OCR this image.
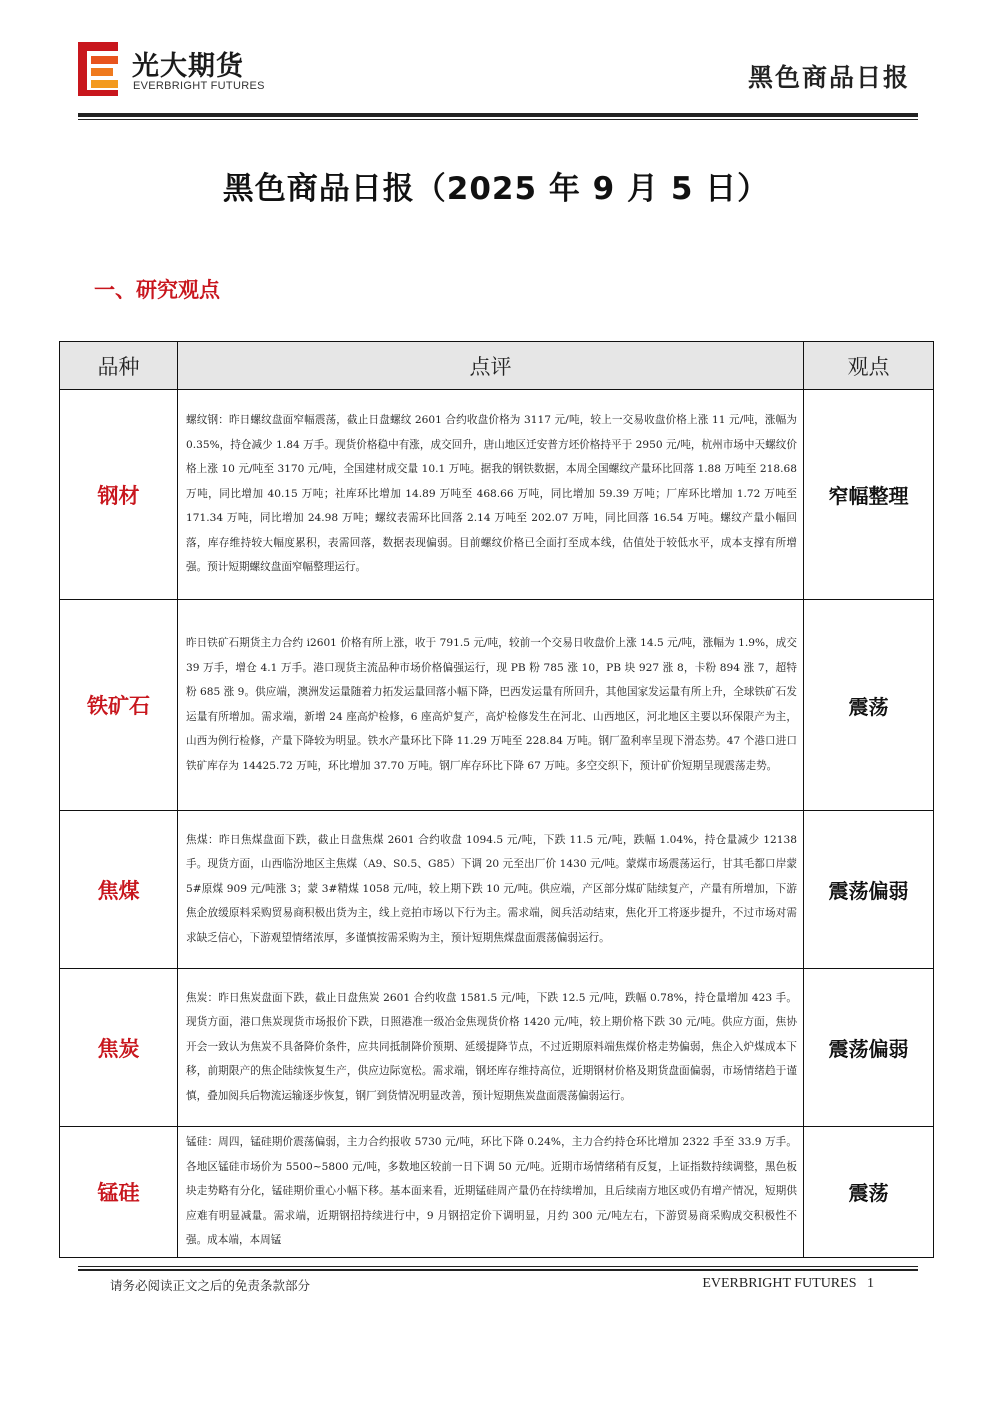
光大期货
EVERBRIGHT FUTURES	黑色商品日报
黑色商品日报（2025 年 9 月 5 日）
一、研究观点
品种	点评	观点
钢材	螺纹钢：昨日螺纹盘面窄幅震荡，截止日盘螺纹 2601 合约收盘价格为 3117 元/吨，较上一交易收盘价格上涨 11 元/吨，涨幅为 0.35%，持仓减少 1.84 万手。现货价格稳中有涨，成交回升，唐山地区迁安普方坯价格持平于 2950 元/吨，杭州市场中天螺纹价格上涨 10 元/吨至 3170 元/吨，全国建材成交量 10.1 万吨。据我的钢铁数据，本周全国螺纹产量环比回落 1.88 万吨至 218.68 万吨，同比增加 40.15 万吨；社库环比增加 14.89 万吨至 468.66 万吨，同比增加 59.39 万吨；厂库环比增加 1.72 万吨至 171.34 万吨，同比增加 24.98 万吨；螺纹表需环比回落 2.14 万吨至 202.07 万吨，同比回落 16.54 万吨。螺纹产量小幅回落，库存维持较大幅度累积，表需回落，数据表现偏弱。目前螺纹价格已全面打至成本线，估值处于较低水平，成本支撑有所增强。预计短期螺纹盘面窄幅整理运行。	窄幅整理
铁矿石	昨日铁矿石期货主力合约 i2601 价格有所上涨，收于 791.5 元/吨，较前一个交易日收盘价上涨 14.5 元/吨，涨幅为 1.9%，成交 39 万手，增仓 4.1 万手。港口现货主流品种市场价格偏强运行，现 PB 粉 785 涨 10，PB 块 927 涨 8，卡粉 894 涨 7，超特粉 685 涨 9。供应端，澳洲发运量随着力拓发运量回落小幅下降，巴西发运量有所回升，其他国家发运量有所上升，全球铁矿石发运量有所增加。需求端，新增 24 座高炉检修，6 座高炉复产，高炉检修发生在河北、山西地区，河北地区主要以环保限产为主，山西为例行检修，产量下降较为明显。铁水产量环比下降 11.29 万吨至 228.84 万吨。钢厂盈利率呈现下滑态势。47 个港口进口铁矿库存为 14425.72 万吨，环比增加 37.70 万吨。钢厂库存环比下降 67 万吨。多空交织下，预计矿价短期呈现震荡走势。	震荡
焦煤	焦煤：昨日焦煤盘面下跌，截止日盘焦煤 2601 合约收盘 1094.5 元/吨，下跌 11.5 元/吨，跌幅 1.04%，持仓量减少 12138 手。现货方面，山西临汾地区主焦煤（A9、S0.5、G85）下调 20 元至出厂价 1430 元/吨。蒙煤市场震荡运行，甘其毛都口岸蒙 5#原煤 909 元/吨涨 3；蒙 3#精煤 1058 元/吨，较上期下跌 10 元/吨。供应端，产区部分煤矿陆续复产，产量有所增加，下游焦企放缓原料采购贸易商积极出货为主，线上竞拍市场以下行为主。需求端，阅兵活动结束，焦化开工将逐步提升，不过市场对需求缺乏信心，下游观望情绪浓厚，多谨慎按需采购为主，预计短期焦煤盘面震荡偏弱运行。	震荡偏弱
焦炭	焦炭：昨日焦炭盘面下跌，截止日盘焦炭 2601 合约收盘 1581.5 元/吨，下跌 12.5 元/吨，跌幅 0.78%，持仓量增加 423 手。现货方面，港口焦炭现货市场报价下跌，日照港准一级冶金焦现货价格 1420 元/吨，较上期价格下跌 30 元/吨。供应方面，焦协开会一致认为焦炭不具备降价条件，应共同抵制降价预期、延缓提降节点，不过近期原料端焦煤价格走势偏弱，焦企入炉煤成本下移，前期限产的焦企陆续恢复生产，供应边际宽松。需求端，钢坯库存维持高位，近期钢材价格及期货盘面偏弱，市场情绪趋于谨慎，叠加阅兵后物流运输逐步恢复，钢厂到货情况明显改善，预计短期焦炭盘面震荡偏弱运行。	震荡偏弱
锰硅	锰硅：周四，锰硅期价震荡偏弱，主力合约报收 5730 元/吨，环比下降 0.24%，主力合约持仓环比增加 2322 手至 33.9 万手。各地区锰硅市场价为 5500~5800 元/吨，多数地区较前一日下调 50 元/吨。近期市场情绪稍有反复，上证指数持续调整，黑色板块走势略有分化，锰硅期价重心小幅下移。基本面来看，近期锰硅周产量仍在持续增加，且后续南方地区或仍有增产情况，短期供应难有明显减量。需求端，近期钢招持续进行中，9 月钢招定价下调明显，月约 300 元/吨左右，下游贸易商采购成交积极性不强。成本端，本周锰	震荡
请务必阅读正文之后的免责条款部分	EVERBRIGHT FUTURES 1
